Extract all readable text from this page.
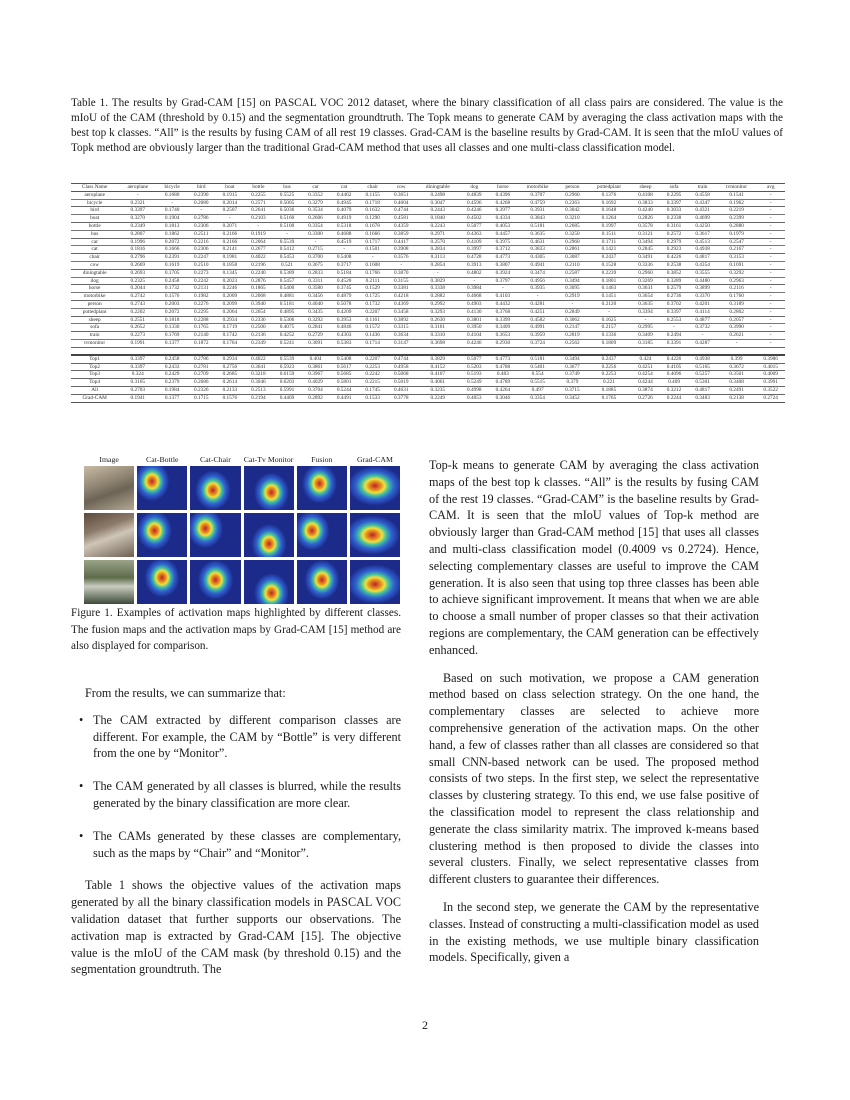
Table 1. The results by Grad-CAM [15] on PASCAL VOC 2012 dataset, where the binary classification of all class pairs are considered. The value is the mIoU of the CAM (threshold by 0.15) and the segmentation groundtruth. The Topk means to generate CAM by averaging the class activation maps with the best top k classes. “All” is the results by fusing CAM of all rest 19 classes. Grad-CAM is the baseline results by Grad-CAM. It is seen that the mIoU values of Topk method are obviously larger than the traditional Grad-CAM method that uses all classes and one multi-class classification model.
Class Name	aeroplane	bicycle	bird	boat	bottle	bus	car	cat	chair	cow	diningtable	dog	horse	motorbike	person	pottedplant	sheep	sofa	train	tvmonitor	avg
aeroplane	-	0.1680	0.2390	0.1915	0.2255	0.5525	0.3352	0.4462	0.1155	0.3651	0.2498	0.4839	0.4396	0.3707	0.2960	0.1376	0.4108	0.2295	0.4558	0.1541	-
bicycle	0.2321	-	0.2080	0.2014	0.2571	0.5005	0.3279	0.4945	0.1718	0.4604	0.3047	0.4596	0.4268	0.4759	0.2363	0.1692	0.3833	0.3397	0.4347	0.1962	-
bird	0.3397	0.1740	-	0.2507	0.2641	0.5036	0.3534	0.4079	0.1632	0.4744	0.2443	0.4246	0.3977	0.3931	0.3042	0.1648	0.4240	0.3033	0.4321	0.2219	-
boat	0.3270	0.1904	0.2786	-	0.2103	0.5160	0.2606	0.4919	0.1290	0.4581	0.1840	0.4502	0.4334	0.3843	0.3210	0.1264	0.2826	0.2338	0.4699	0.2399	-
bottle	0.2349	0.1813	0.2306	0.2071	-	0.5100	0.3354	0.5318	0.1678	0.4359	0.2243	0.5077	0.4053	0.5181	0.2685	0.1997	0.3578	0.3161	0.4250	0.2880	-
bus	0.2807	0.1862	0.2511	0.2166	0.1919	-	0.3300	0.4688	0.1666	0.3859	0.2971	0.4363	0.4457	0.3635	0.3250	0.1511	0.3121	0.2572	0.3617	0.1979	-
car	0.1996	0.2072	0.2216	0.2166	0.2064	0.5539	-	0.4519	0.1717	0.4417	0.2570	0.4109	0.3975	0.4631	0.2960	0.1711	0.3494	0.2979	0.4513	0.2547	-
cat	0.1816	0.1666	0.2306	0.2141	0.2677	0.5412	0.2715	-	0.1501	0.3908	0.2834	0.3997	0.3712	0.3833	0.2861	0.1421	0.2845	0.2923	0.4938	0.2167	-
chair	0.2796	0.2391	0.2247	0.1981	0.4022	0.5453	0.3700	0.5408	-	0.3576	0.3113	0.4728	0.4773	0.4305	0.3087	0.2437	0.3491	0.4226	0.4817	0.3153	-
cow	0.2669	0.1619	0.2510	0.1858	0.2196	0.521	0.3675	0.3717	0.1608	-	0.2854	0.3913	0.3807	0.4941	0.2110	0.1528	0.3336	0.2538	0.4354	0.1691	-
diningtable	0.2693	0.1705	0.2273	0.1345	0.2240	0.5389	0.2833	0.5184	0.1766	0.3870	-	0.4802	0.3924	0.3474	0.2587	0.2239	0.2960	0.3852	0.3555	0.3292	-
dog	0.2325	0.2458	0.2242	0.2023	0.2876	0.5457	0.3311	0.4520	0.2111	0.3155	0.3829	-	0.3797	0.4956	0.3494	0.1801	0.3269	0.3289	0.4480	0.2963	-
horse	0.2044	0.1732	0.2131	0.2246	0.1865	0.5400	0.3580	0.3745	0.1529	0.3381	0.3338	0.3984	-	0.3935	0.3095	0.1463	0.3631	0.2579	0.3899	0.2116	-
motorbike	0.2742	0.1576	0.1982	0.2009	0.2068	0.4881	0.3456	0.4879	0.1725	0.4218	0.2882	0.4668	0.4103	-	0.2919	0.1451	0.3654	0.2736	0.3370	0.1760	-
person	0.2743	0.2003	0.2276	0.2099	0.3940	0.5181	0.4040	0.5078	0.1732	0.4369	0.2992	0.4903	0.4432	0.4281	-	0.2120	0.3635	0.3702	0.4201	0.3189	-
pottedplant	0.2202	0.2072	0.2295	0.2064	0.2654	0.4895	0.3435	0.4209	0.2207	0.3458	0.3293	0.4130	0.3768	0.4251	0.2849	-	0.3394	0.3397	0.4114	0.2802	-
sheep	0.2551	0.1818	0.2288	0.2934	0.2336	0.5306	0.3292	0.3953	0.1161	0.3892	0.2630	0.3801	0.3399	0.4582	0.3062	0.1625	-	0.2553	0.4877	0.2057	-
sofa	0.2652	0.1330	0.1765	0.1719	0.2500	0.4075	0.2841	0.4846	0.1572	0.3315	0.3161	0.3950	0.3409	0.4991	0.2147	0.2157	0.2995	-	0.3732	0.3990	-
train	0.2273	0.1769	0.2140	0.1742	0.2136	0.4252	0.2729	0.4303	0.1436	0.3634	0.3310	0.4104	0.3653	0.3959	0.2819	0.1336	0.3409	0.2494	-	0.2621	-
tvmonitor	0.1991	0.1377	0.1872	0.1764	0.2349	0.5241	0.3091	0.5383	0.1714	0.3147	0.3698	0.4246	0.2930	0.3724	0.2562	0.1809	0.3185	0.3391	0.4287	-	-

Top1	0.3397	0.2458	0.2786	0.2934	0.4022	0.5539	0.404	0.5408	0.2207	0.4744	0.3829	0.5077	0.4773	0.5181	0.3494	0.2437	0.424	0.4226	0.4938	0.399	0.3986
Top2	0.3397	0.2433	0.2781	0.2756	0.3641	0.5923	0.3861	0.5617	0.2253	0.4958	0.4152	0.5203	0.4788	0.5401	0.3677	0.2256	0.4251	0.4105	0.5165	0.3672	0.4015
Top3	0.324	0.2429	0.2709	0.2685	0.3218	0.6159	0.3967	0.5685	0.2242	0.5068	0.4107	0.5193	0.483	0.554	0.3749	0.2253	0.4254	0.4096	0.5257	0.3501	0.4009
Top4	0.3165	0.2379	0.2686	0.2614	0.3046	0.6203	0.4029	0.5801	0.2215	0.5019	0.4061	0.5249	0.4789	0.5515	0.379	0.221	0.4244	0.409	0.5301	0.3408	0.3991
All	0.2703	0.1984	0.2326	0.2133	0.2513	0.5991	0.3704	0.5244	0.1745	0.4631	0.3235	0.4998	0.4264	0.497	0.3715	0.1885	0.3874	0.3212	0.4817	0.2491	0.3522
Grad-CAM	0.1941	0.1377	0.1715	0.1576	0.2194	0.4469	0.2892	0.4491	0.1533	0.3778	0.2249	0.4053	0.3046	0.3354	0.3452	0.1765	0.2726	0.2244	0.3483	0.2138	0.2724
Image	Cat-Bottle	Cat-Chair	Cat-Tv Monitor	Fusion	Grad-CAM
Figure 1. Examples of activation maps highlighted by different classes. The fusion maps and the activation maps by Grad-CAM [15] method are also displayed for comparison.

From the results, we can summarize that:

• The CAM extracted by different comparison classes are different. For example, the CAM by “Bottle” is very different from the one by “Monitor”.
• The CAM generated by all classes is blurred, while the results generated by the binary classification are more clear.
• The CAMs generated by these classes are complementary, such as the maps by “Chair” and “Monitor”.

Table 1 shows the objective values of the activation maps generated by all the binary classification models in PASCAL VOC validation dataset that further supports our observations. The activation map is extracted by Grad-CAM [15]. The objective value is the mIoU of the CAM mask (by threshold 0.15) and the segmentation groundtruth. The

Top-k means to generate CAM by averaging the class activation maps of the best top k classes. “All” is the results by fusing CAM of the rest 19 classes. “Grad-CAM” is the baseline results by Grad-CAM. It is seen that the mIoU values of Top-k method are obviously larger than Grad-CAM method [15] that uses all classes and multi-class classification model (0.4009 vs 0.2724). Hence, selecting complementary classes are useful to improve the CAM generation. It is also seen that using top three classes has been able to achieve significant improvement. It means that when we are able to choose a small number of proper classes so that their activation regions are complementary, the CAM generation can be effectively enhanced.

Based on such motivation, we propose a CAM generation method based on class selection strategy. On the one hand, the complementary classes are selected to achieve more comprehensive generation of the activation maps. On the other hand, a few of classes rather than all classes are considered so that small CNN-based network can be used. The proposed method consists of two steps. In the first step, we select the representative classes by clustering strategy. To this end, we use false positive of the classification model to represent the class relationship and generate the class similarity matrix. The improved k-means based clustering method is then proposed to divide the classes into several clusters. Finally, we select representative classes from different clusters to guarantee their differences.

In the second step, we generate the CAM by the representative classes. Instead of constructing a multi-classification model as used in the existing methods, we use multiple binary classification models. Specifically, given a

2
